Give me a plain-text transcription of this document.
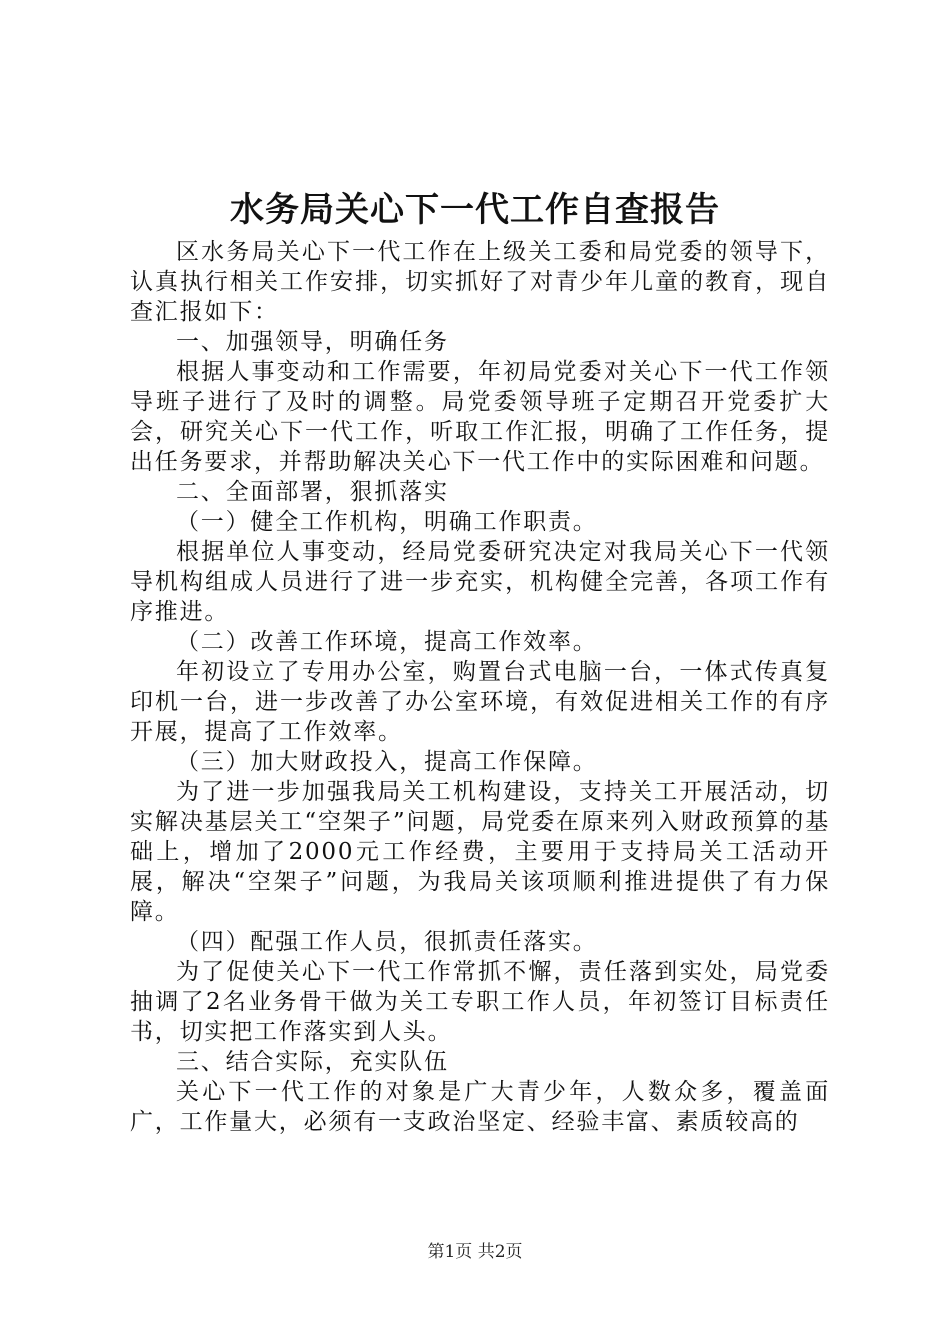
水务局关心下一代工作自查报告

区水务局关心下一代工作在上级关工委和局党委的领导下，认真执行相关工作安排，切实抓好了对青少年儿童的教育，现自查汇报如下：

一、加强领导，明确任务

根据人事变动和工作需要，年初局党委对关心下一代工作领导班子进行了及时的调整。局党委领导班子定期召开党委扩大会，研究关心下一代工作，听取工作汇报，明确了工作任务，提出任务要求，并帮助解决关心下一代工作中的实际困难和问题。

二、全面部署，狠抓落实

（一）健全工作机构，明确工作职责。

根据单位人事变动，经局党委研究决定对我局关心下一代领导机构组成人员进行了进一步充实，机构健全完善，各项工作有序推进。

（二）改善工作环境，提高工作效率。

年初设立了专用办公室，购置台式电脑一台，一体式传真复印机一台，进一步改善了办公室环境，有效促进相关工作的有序开展，提高了工作效率。

（三）加大财政投入，提高工作保障。

为了进一步加强我局关工机构建设，支持关工开展活动，切实解决基层关工“空架子”问题，局党委在原来列入财政预算的基础上，增加了2000元工作经费，主要用于支持局关工活动开展，解决“空架子”问题，为我局关该项顺利推进提供了有力保障。

（四）配强工作人员，很抓责任落实。

为了促使关心下一代工作常抓不懈，责任落到实处，局党委抽调了2名业务骨干做为关工专职工作人员，年初签订目标责任书，切实把工作落实到人头。

三、结合实际，充实队伍

关心下一代工作的对象是广大青少年，人数众多，覆盖面广，工作量大，必须有一支政治坚定、经验丰富、素质较高的

第1页 共2页
